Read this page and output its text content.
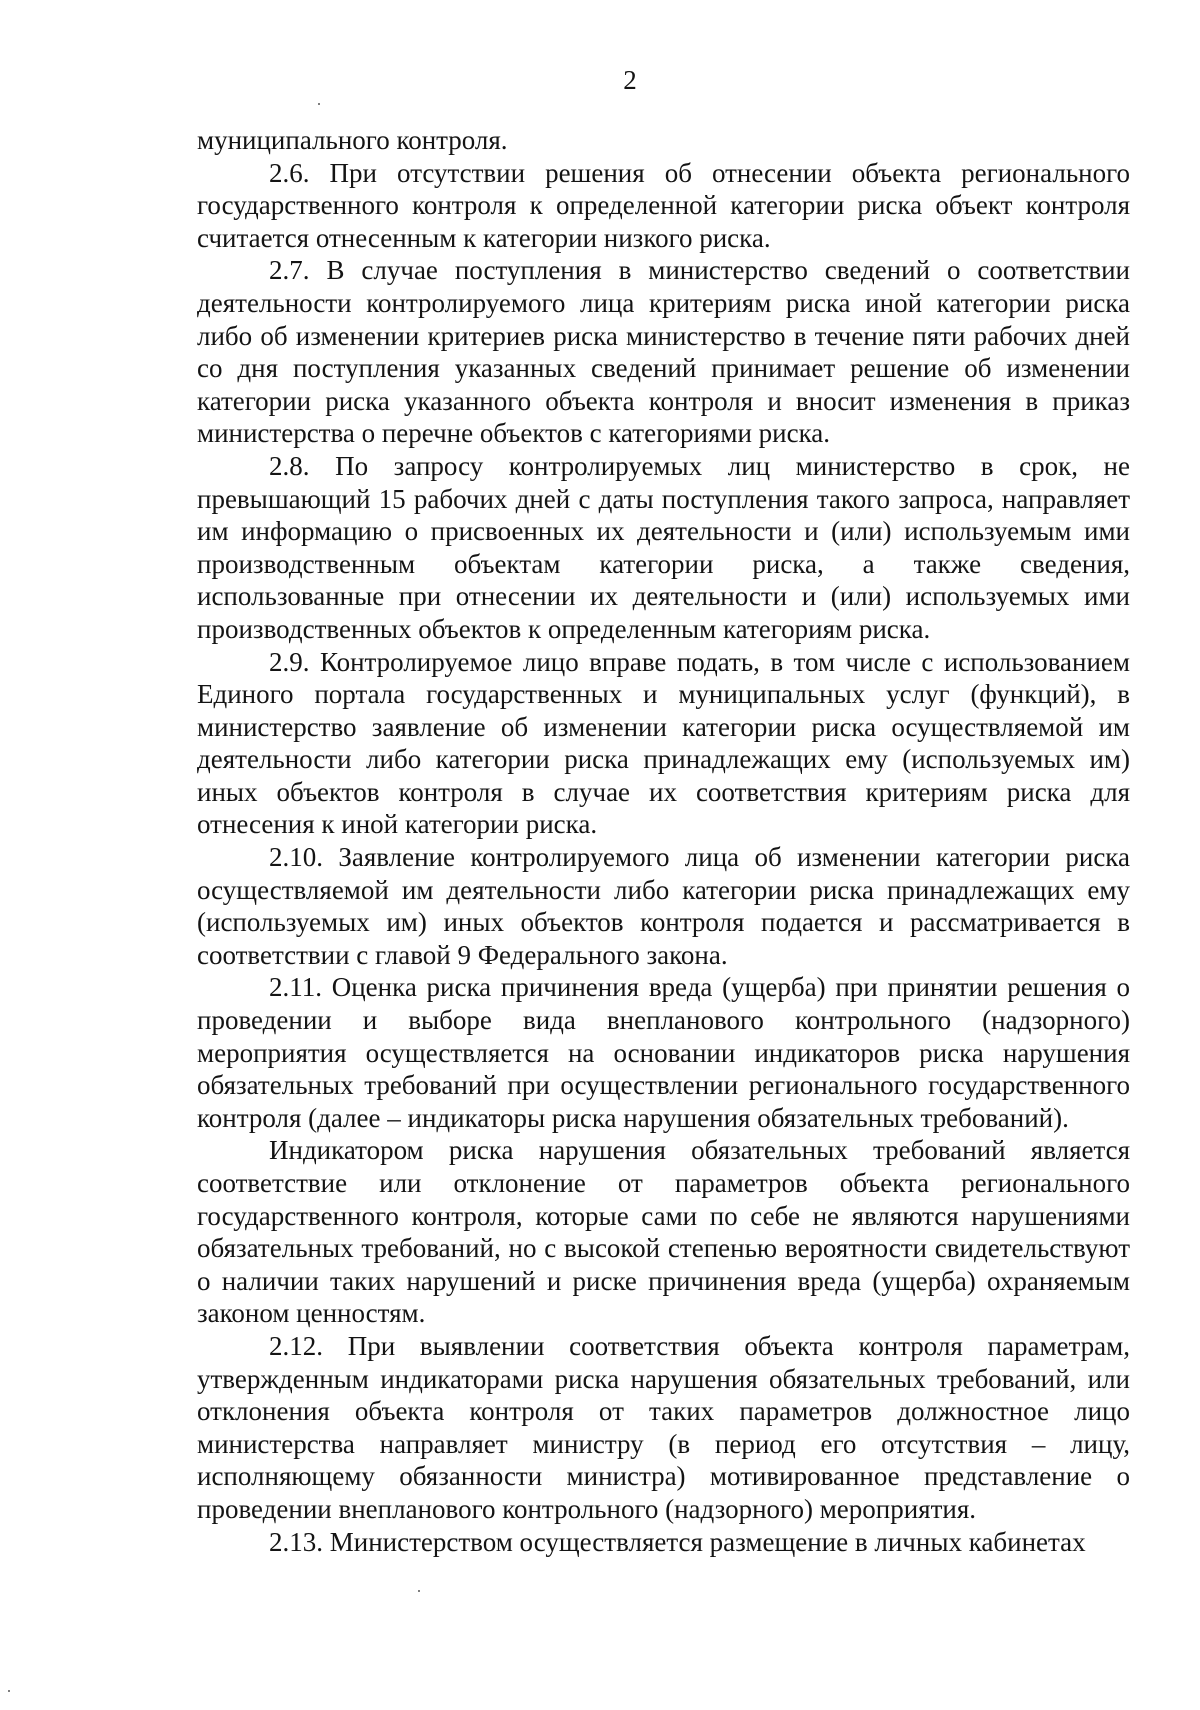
2

муниципального контроля.

2.6. При отсутствии решения об отнесении объекта регионального государственного контроля к определенной категории риска объект контроля считается отнесенным к категории низкого риска.

2.7. В случае поступления в министерство сведений о соответствии деятельности контролируемого лица критериям риска иной категории риска либо об изменении критериев риска министерство в течение пяти рабочих дней со дня поступления указанных сведений принимает решение об изменении категории риска указанного объекта контроля и вносит изменения в приказ министерства о перечне объектов с категориями риска.

2.8. По запросу контролируемых лиц министерство в срок, не превышающий 15 рабочих дней с даты поступления такого запроса, направляет им информацию о присвоенных их деятельности и (или) используемым ими производственным объектам категории риска, а также сведения, использованные при отнесении их деятельности и (или) используемых ими производственных объектов к определенным категориям риска.

2.9. Контролируемое лицо вправе подать, в том числе с использованием Единого портала государственных и муниципальных услуг (функций), в министерство заявление об изменении категории риска осуществляемой им деятельности либо категории риска принадлежащих ему (используемых им) иных объектов контроля в случае их соответствия критериям риска для отнесения к иной категории риска.

2.10. Заявление контролируемого лица об изменении категории риска осуществляемой им деятельности либо категории риска принадлежащих ему (используемых им) иных объектов контроля подается и рассматривается в соответствии с главой 9 Федерального закона.

2.11. Оценка риска причинения вреда (ущерба) при принятии решения о проведении и выборе вида внепланового контрольного (надзорного) мероприятия осуществляется на основании индикаторов риска нарушения обязательных требований при осуществлении регионального государственного контроля (далее – индикаторы риска нарушения обязательных требований).

Индикатором риска нарушения обязательных требований является соответствие или отклонение от параметров объекта регионального государственного контроля, которые сами по себе не являются нарушениями обязательных требований, но с высокой степенью вероятности свидетельствуют о наличии таких нарушений и риске причинения вреда (ущерба) охраняемым законом ценностям.

2.12. При выявлении соответствия объекта контроля параметрам, утвержденным индикаторами риска нарушения обязательных требований, или отклонения объекта контроля от таких параметров должностное лицо министерства направляет министру (в период его отсутствия – лицу, исполняющему обязанности министра) мотивированное представление о проведении внепланового контрольного (надзорного) мероприятия.

2.13. Министерством осуществляется размещение в личных кабинетах
